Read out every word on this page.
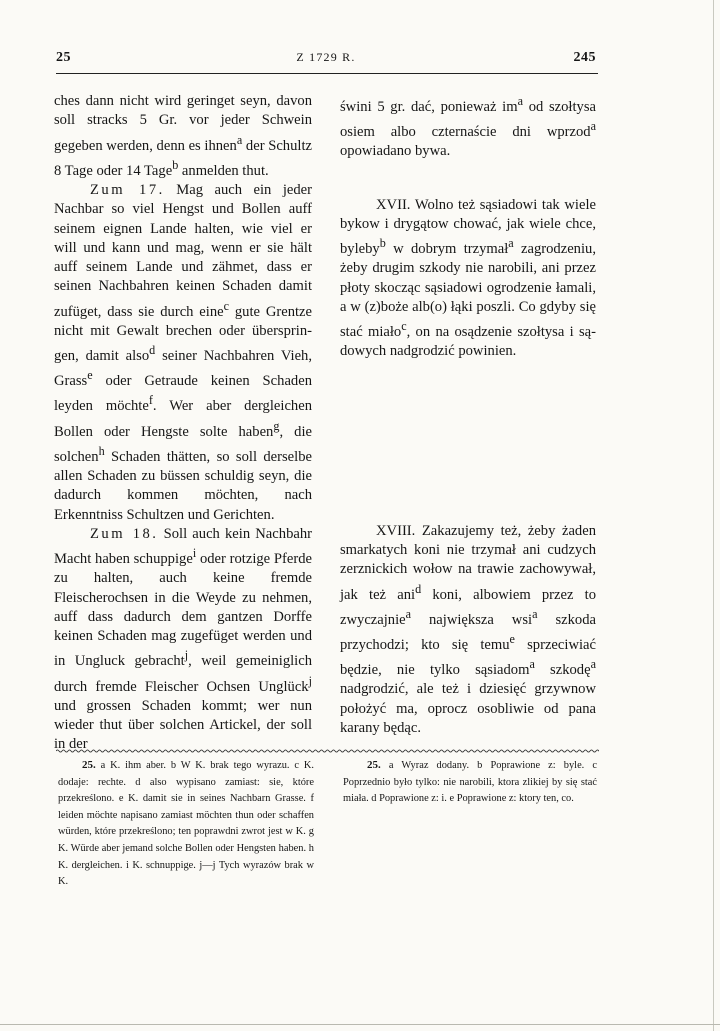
25	Z 1729 R.	245

ches dann nicht wird geringet seyn, davon soll stracks 5 Gr. vor jeder Schwein gegeben werden, denn es ihnen$^a$ der Schultz 8 Tage oder 14 Tage$^b$ anmelden thut.

Zum 17. Mag auch ein jeder Nachbar so viel Hengst und Bollen auff seinem eignen Lande halten, wie viel er will und kann und mag, wenn er sie hält auff seinem Lande und zähmet, dass er seinen Nachbahren keinen Schaden damit zufüget, dass sie durch eine$^c$ gute Grentze nicht mit Gewalt brechen oder überspringen, damit also$^d$ seiner Nachbahren Vieh, Grass$^e$ oder Getraude keinen Schaden leyden möchte$^f$. Wer aber dergleichen Bollen oder Hengste solte haben$^g$, die solchen$^h$ Schaden thätten, so soll derselbe allen Schaden zu büssen schuldig seyn, die dadurch kommen möchten, nach Erkenntniss Schultzen und Gerichten.

Zum 18. Soll auch kein Nachbahr Macht haben schuppige$^i$ oder rotzige Pferde zu halten, auch keine fremde Fleischerochsen in die Weyde zu nehmen, auff dass dadurch dem gantzen Dorffe keinen Schaden mag zugefüget werden und in Ungluck gebracht$^j$, weil gemeiniglich durch fremde Fleischer Ochsen Unglück$^j$ und grossen Schaden kommt; wer nun wieder thut über solchen Artickel, der soll in der

świni 5 gr. dać, ponieważ $im^a$ od szołtysa osiem albo czternaście dni wprzod$^a$ opowiadano bywa.

XVII. Wolno też sąsiadowi tak wiele bykow i drygątow chować, jak wiele chce, byleby$^b$ w dobrym trzymał$^a$ zagrodzeniu, żeby drugim szkody nie narobili, ani przez płoty skocząc sąsiadowi ogrodzenie łamali, a w (z)boże alb(o) łąki poszli. Co gdyby się stać miało$^c$, on na osądzenie szołtysa i sądowych nadgrodzić powinien.

XVIII. Zakazujemy też, żeby żaden smarkatych koni nie trzymał ani cudzych zerznickich wołow na trawie zachowywał, jak też ani$^d$ koni, albowiem przez to zwyczajnie$^a$ największa wsi$^a$ szkoda przychodzi; kto się temu$^e$ sprzeciwiać będzie, nie tylko sąsiadom$^a$ szkodę$^a$ nadgrodzić, ale też i dziesięć grzywnow położyć ma, oprocz osobliwie od pana karany będąc.

25. a K. ihm aber. b W K. brak tego wyrazu. c K. dodaje: rechte. d also wypisano zamiast: sie, które przekreślono. e K. damit sie in seines Nachbarn Grasse. f leiden möchte napisano zamiast möchten thun oder schaffen würden, które przekreślono; ten poprawdni zwrot jest w K. g K. Würde aber jemand solche Bollen oder Hengsten haben. h K. dergleichen. i K. schnuppige. j—j Tych wyrazów brak w K.

25. a Wyraz dodany. b Poprawione z: byle. c Poprzednio było tylko: nie narobili, ktora zlikiej by się stać miała. d Poprawione z: i. e Poprawione z: ktory ten, co.
